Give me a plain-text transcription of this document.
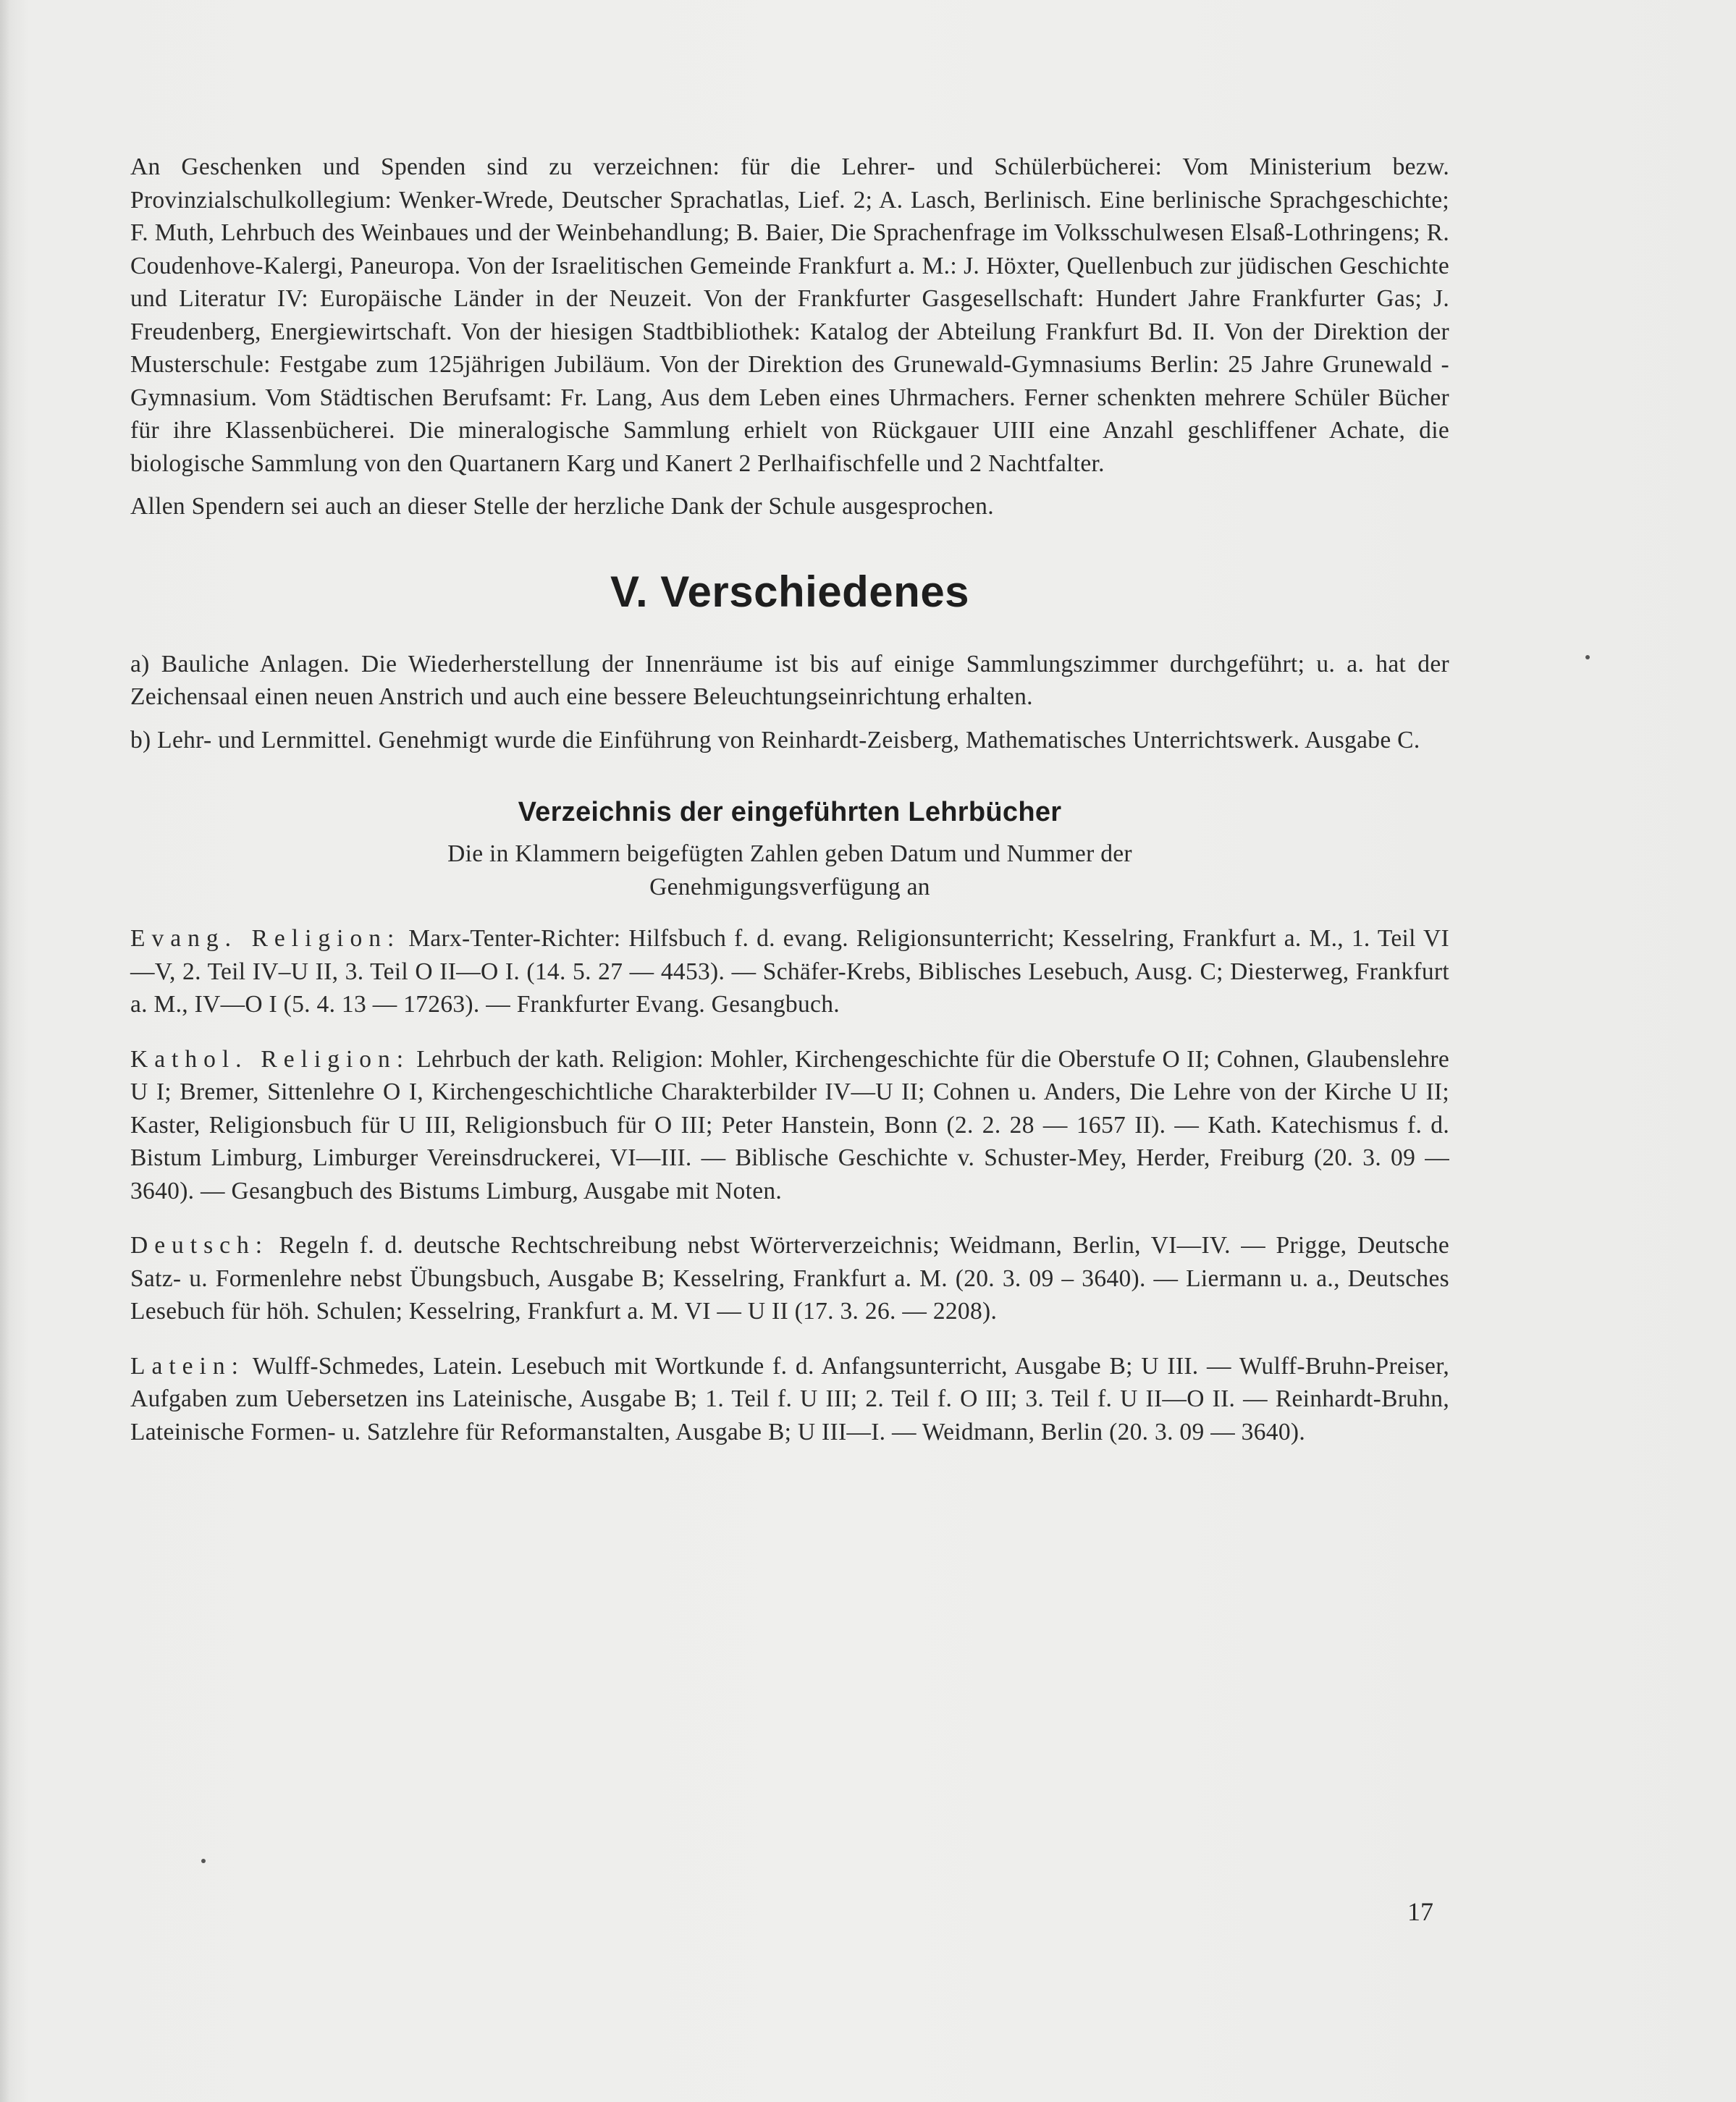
An Geschenken und Spenden sind zu verzeichnen: für die Lehrer- und Schülerbücherei: Vom Ministerium bezw. Provinzialschulkollegium: Wenker-Wrede, Deutscher Sprachatlas, Lief. 2; A. Lasch, Berlinisch. Eine berlinische Sprachgeschichte; F. Muth, Lehrbuch des Weinbaues und der Weinbehandlung; B. Baier, Die Sprachenfrage im Volksschulwesen Elsaß-Lothringens; R. Coudenhove-Kalergi, Paneuropa. Von der Israelitischen Gemeinde Frankfurt a. M.: J. Höxter, Quellenbuch zur jüdischen Geschichte und Literatur IV: Europäische Länder in der Neuzeit. Von der Frankfurter Gasgesellschaft: Hundert Jahre Frankfurter Gas; J. Freudenberg, Energiewirtschaft. Von der hiesigen Stadtbibliothek: Katalog der Abteilung Frankfurt Bd. II. Von der Direktion der Musterschule: Festgabe zum 125jährigen Jubiläum. Von der Direktion des Grunewald-Gymnasiums Berlin: 25 Jahre Grunewald - Gymnasium. Vom Städtischen Berufsamt: Fr. Lang, Aus dem Leben eines Uhrmachers. Ferner schenkten mehrere Schüler Bücher für ihre Klassenbücherei. Die mineralogische Sammlung erhielt von Rückgauer UIII eine Anzahl geschliffener Achate, die biologische Sammlung von den Quartanern Karg und Kanert 2 Perlhaifischfelle und 2 Nachtfalter.

Allen Spendern sei auch an dieser Stelle der herzliche Dank der Schule ausgesprochen.

V. Verschiedenes

a) Bauliche Anlagen. Die Wiederherstellung der Innenräume ist bis auf einige Sammlungszimmer durchgeführt; u. a. hat der Zeichensaal einen neuen Anstrich und auch eine bessere Beleuchtungseinrichtung erhalten.

b) Lehr- und Lernmittel. Genehmigt wurde die Einführung von Reinhardt-Zeisberg, Mathematisches Unterrichtswerk. Ausgabe C.

Verzeichnis der eingeführten Lehrbücher

Die in Klammern beigefügten Zahlen geben Datum und Nummer der
Genehmigungsverfügung an

Evang. Religion: Marx-Tenter-Richter: Hilfsbuch f. d. evang. Religionsunterricht; Kesselring, Frankfurt a. M., 1. Teil VI—V, 2. Teil IV–U II, 3. Teil O II—O I. (14. 5. 27 — 4453). — Schäfer-Krebs, Biblisches Lesebuch, Ausg. C; Diesterweg, Frankfurt a. M., IV—O I (5. 4. 13 — 17263). — Frankfurter Evang. Gesangbuch.

Kathol. Religion: Lehrbuch der kath. Religion: Mohler, Kirchengeschichte für die Oberstufe O II; Cohnen, Glaubenslehre U I; Bremer, Sittenlehre O I, Kirchengeschichtliche Charakterbilder IV—U II; Cohnen u. Anders, Die Lehre von der Kirche U II; Kaster, Religionsbuch für U III, Religionsbuch für O III; Peter Hanstein, Bonn (2. 2. 28 — 1657 II). — Kath. Katechismus f. d. Bistum Limburg, Limburger Vereinsdruckerei, VI—III. — Biblische Geschichte v. Schuster-Mey, Herder, Freiburg (20. 3. 09 — 3640). — Gesangbuch des Bistums Limburg, Ausgabe mit Noten.

Deutsch: Regeln f. d. deutsche Rechtschreibung nebst Wörterverzeichnis; Weidmann, Berlin, VI—IV. — Prigge, Deutsche Satz- u. Formenlehre nebst Übungsbuch, Ausgabe B; Kesselring, Frankfurt a. M. (20. 3. 09 – 3640). — Liermann u. a., Deutsches Lesebuch für höh. Schulen; Kesselring, Frankfurt a. M. VI — U II (17. 3. 26. — 2208).

Latein: Wulff-Schmedes, Latein. Lesebuch mit Wortkunde f. d. Anfangsunterricht, Ausgabe B; U III. — Wulff-Bruhn-Preiser, Aufgaben zum Uebersetzen ins Lateinische, Ausgabe B; 1. Teil f. U III; 2. Teil f. O III; 3. Teil f. U II—O II. — Reinhardt-Bruhn, Lateinische Formen- u. Satzlehre für Reformanstalten, Ausgabe B; U III—I. — Weidmann, Berlin (20. 3. 09 — 3640).

17
